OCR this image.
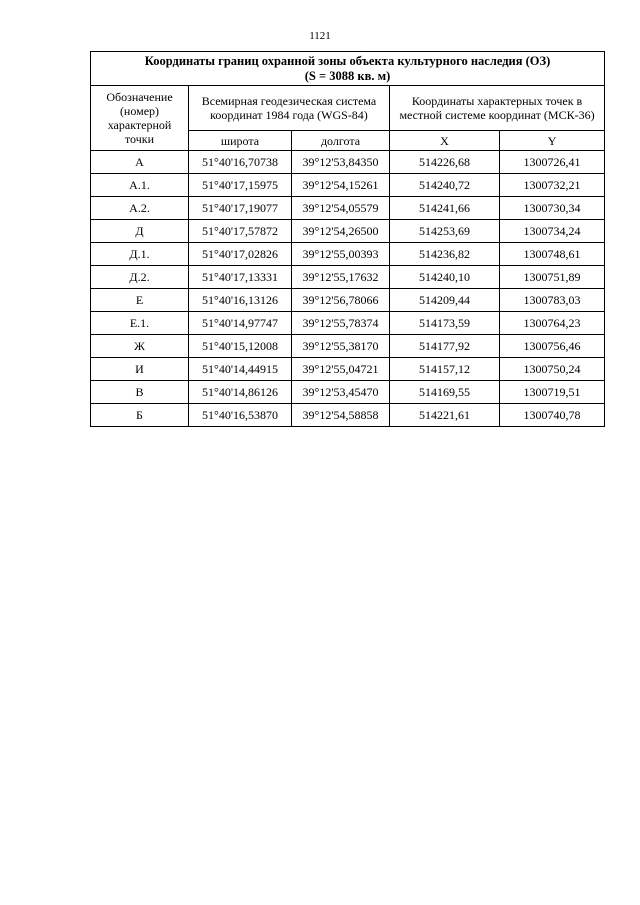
1121
Координаты границ охранной зоны объекта культурного наследия (ОЗ)
(S = 3088 кв. м)				

Обозначение (номер) характерной точки	Всемирная геодезическая система координат 1984 года (WGS-84)		Координаты характерных точек в местной системе координат (МСК-36)	

	широта	долгота	X	Y
А	51°40'16,70738	39°12'53,84350	514226,68	1300726,41
А.1.	51°40'17,15975	39°12'54,15261	514240,72	1300732,21
А.2.	51°40'17,19077	39°12'54,05579	514241,66	1300730,34
Д	51°40'17,57872	39°12'54,26500	514253,69	1300734,24
Д.1.	51°40'17,02826	39°12'55,00393	514236,82	1300748,61
Д.2.	51°40'17,13331	39°12'55,17632	514240,10	1300751,89
Е	51°40'16,13126	39°12'56,78066	514209,44	1300783,03
Е.1.	51°40'14,97747	39°12'55,78374	514173,59	1300764,23
Ж	51°40'15,12008	39°12'55,38170	514177,92	1300756,46
И	51°40'14,44915	39°12'55,04721	514157,12	1300750,24
В	51°40'14,86126	39°12'53,45470	514169,55	1300719,51
Б	51°40'16,53870	39°12'54,58858	514221,61	1300740,78
